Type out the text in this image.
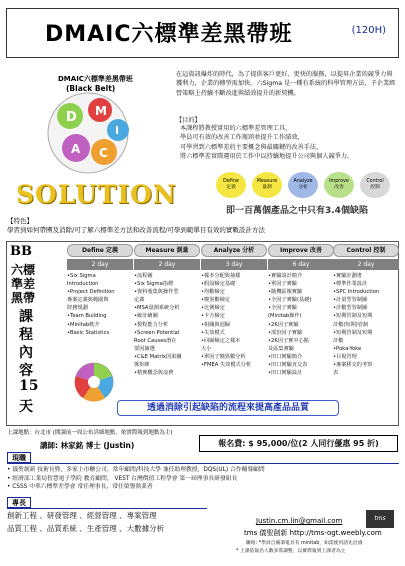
DMAIC六標準差黑帶班	(120H)
DMAIC六標準差黑帶班
(Black Belt)
D M
A
I
C
SOLUTION
在這資訊爆炸的時代，為了提供客戶更好、更快的服務，以提昇企業的競爭力與獲利力，企業的轉型需加快。六Sigma 是一種有系統的科學管理方法，予企業經營策略上持續不斷改進與績效提升的新契機。
【目的】
本課程將教授實用的六標準差管理工具，
學員可有效的改善工作瓶頸並提升工作績效，
可學習到六標準差的主要概念與最關鍵的改善手法，
將六標準差實際運用於工作中以持續地提升公司與個人競爭力。
Define
定義
Measure
量測
Analyze
分析
Improve
改善
Control
控制
即一百萬個產品之中只有3.4個缺陷
【特色】
學習到如何帶團及消除/可了解六標準差方法和改善流程/可學到範單目有效的實戰設計方法
BB
六標
準差
黑帶
課
程
內
容
15
天
Define 定義
2 day
•Six Sigma
Introduction
•Project Definition
專案定義與範圍與
財務規劃
•Team Building
•Minitab軟介
•Basic Statistics
Measure 測量
2 day
•流程圖
•Six Sigma指標
•資料蒐集與操作型
定義
•MSA量測系統分析
•統計繪圖
•製程能力分析
•Screen Potential
Root Causes潛在
要因篩選
•C&E Matrix因果關
係矩陣
•精實概念與浪費
Analyze 分析
3 day
•樣本分配與抽樣
•假設檢定基礎
•均數檢定
•變異數檢定
•比例檢定
•卡方檢定
•相關與迴歸
•失效模式
•回歸檢定之樣本
大小
•單因子變異數分析
•FMEA 失效模式分析
Improve 改善
6 day
•實驗設計簡介
•單因子實驗
•隨機區塊實驗
•全因子實驗(基礎)
•全因子實驗
(Minitab操作)
•2K因子實驗
•部份因子實驗
•2K因子實中心點
及區集實驗
•田口實驗簡介
•田口實驗直交表
•田口實驗設計
Control 控制
2 day
•實驗計劃書
•標準作業設計
•SPC Introduction
•計量型管制圖
•計數型管制圖
•短期管制及短期
計數(短期)管制
•短期管制及短期
計數
•Poka-Yoke
•目視管理
•專案移交的考察
表
透過消除引起缺陷的流程來提高產品品質
上課地點：台北市 (開課前一周公布詳細地點，依實際報到地點為主)
講師: 林家銘 博士 (Justin)	報名費: $ 95,000/位(2 人同行優惠 95 折)
現職
• 儀聖創新 技術長暨，多家上市櫃公司，常年顧問/科技大學 兼任助理教授，DQS(UL) 合作輔導顧問
• 經濟部工業局智慧電子學院 教育顧問， VEST 台灣價值工程學會 第一屆理事長研發組長
• CSSS 中華六標準差學會 常任理事長、常任榮譽執業者
專長
創新工程 、研發管理 、經營管理 、專案管理
品質工程 、品質系統 、生產管理 、大數據分析
Justin.cm.lin@gmail.com
tms 儀聖創新 http://tms-ogt.weebly.com
聯絡: *學員自備筆電具有 minitab，如需使用請先洽詢
* 上課依報名人數多寡調整，以實際報到上課者為主
tms
